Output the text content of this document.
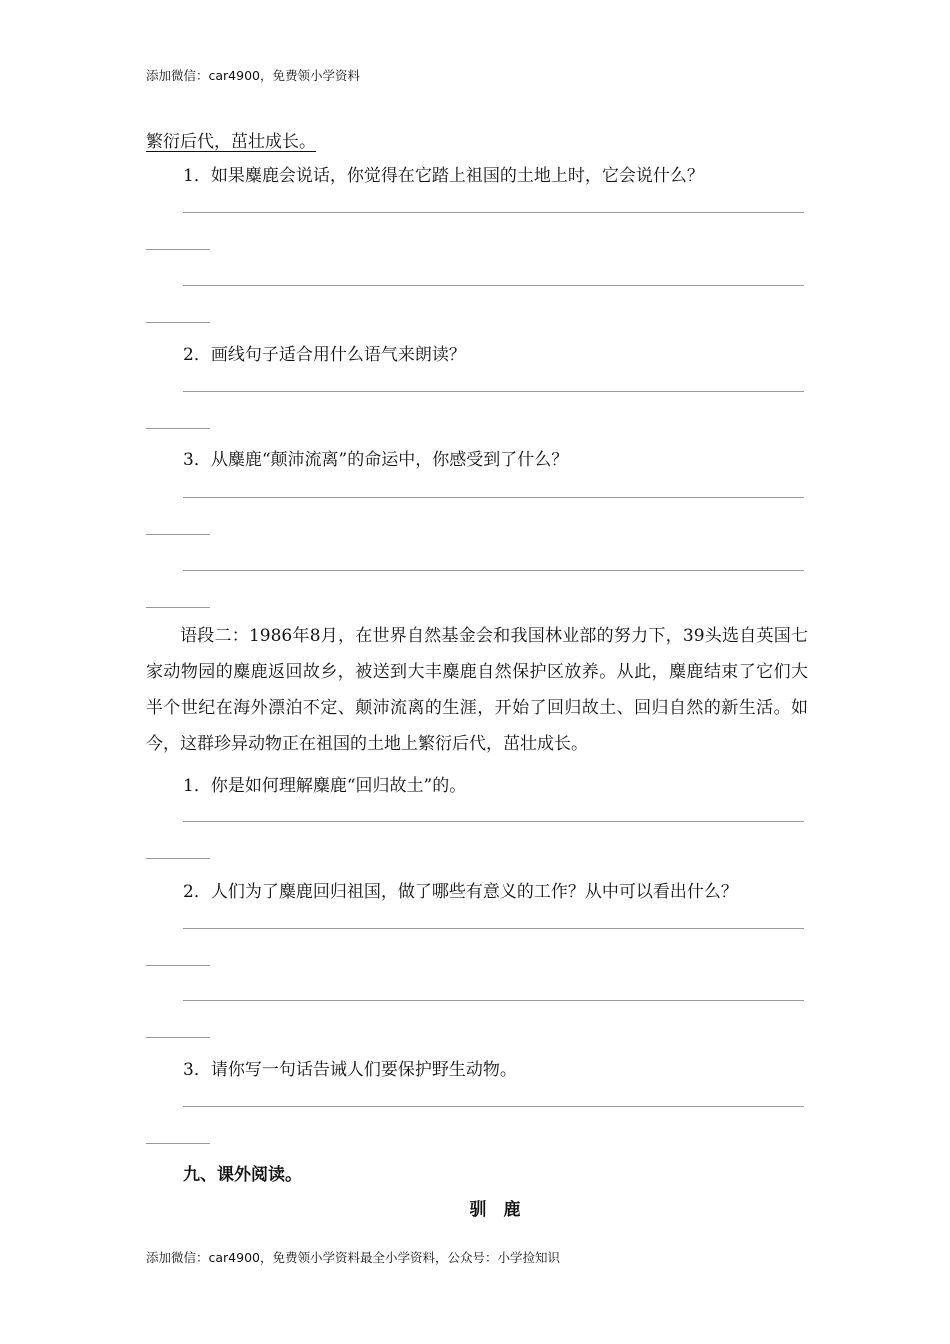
添加微信：car4900，免费领小学资料
繁衍后代，茁壮成长。
1．如果麋鹿会说话，你觉得在它踏上祖国的土地上时，它会说什么？
2．画线句子适合用什么语气来朗读？
3．从麋鹿“颠沛流离”的命运中，你感受到了什么？
语段二：1986年8月，在世界自然基金会和我国林业部的努力下，39头选自英国七家动物园的麋鹿返回故乡，被送到大丰麋鹿自然保护区放养。从此，麋鹿结束了它们大半个世纪在海外漂泊不定、颠沛流离的生涯，开始了回归故土、回归自然的新生活。如今，这群珍异动物正在祖国的土地上繁衍后代，茁壮成长。
1．你是如何理解麋鹿“回归故土”的。
2．人们为了麋鹿回归祖国，做了哪些有意义的工作？从中可以看出什么？
3．请你写一句话告诫人们要保护野生动物。
九、课外阅读。
驯　鹿
添加微信：car4900，免费领小学资料最全小学资料，公众号：小学捡知识
